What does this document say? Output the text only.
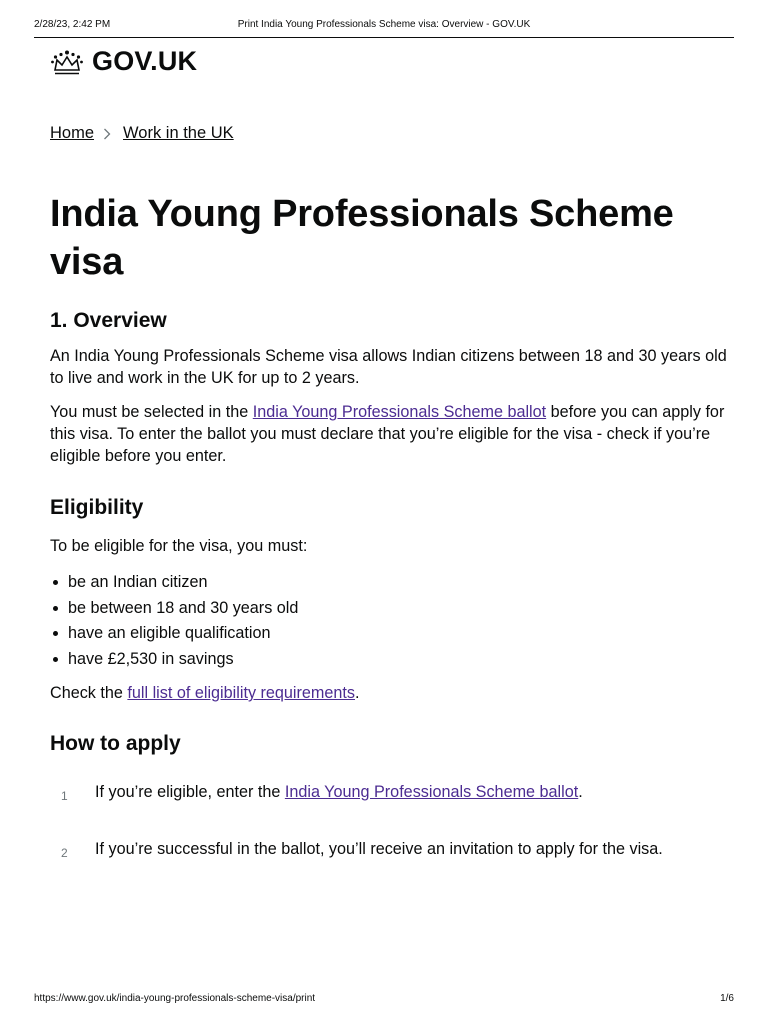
2/28/23, 2:42 PM	Print India Young Professionals Scheme visa: Overview - GOV.UK
GOV.UK
Home Work in the UK
India Young Professionals Scheme visa
1. Overview

An India Young Professionals Scheme visa allows Indian citizens between 18 and 30 years old to live and work in the UK for up to 2 years.

You must be selected in the India Young Professionals Scheme ballot before you can apply for this visa. To enter the ballot you must declare that you’re eligible for the visa - check if you’re eligible before you enter.

Eligibility

To be eligible for the visa, you must:

be an Indian citizen
be between 18 and 30 years old
have an eligible qualification
have £2,530 in savings

Check the full list of eligibility requirements.

How to apply
1	If you’re eligible, enter the India Young Professionals Scheme ballot.
2	If you’re successful in the ballot, you’ll receive an invitation to apply for the visa.
https://www.gov.uk/india-young-professionals-scheme-visa/print	1/6
